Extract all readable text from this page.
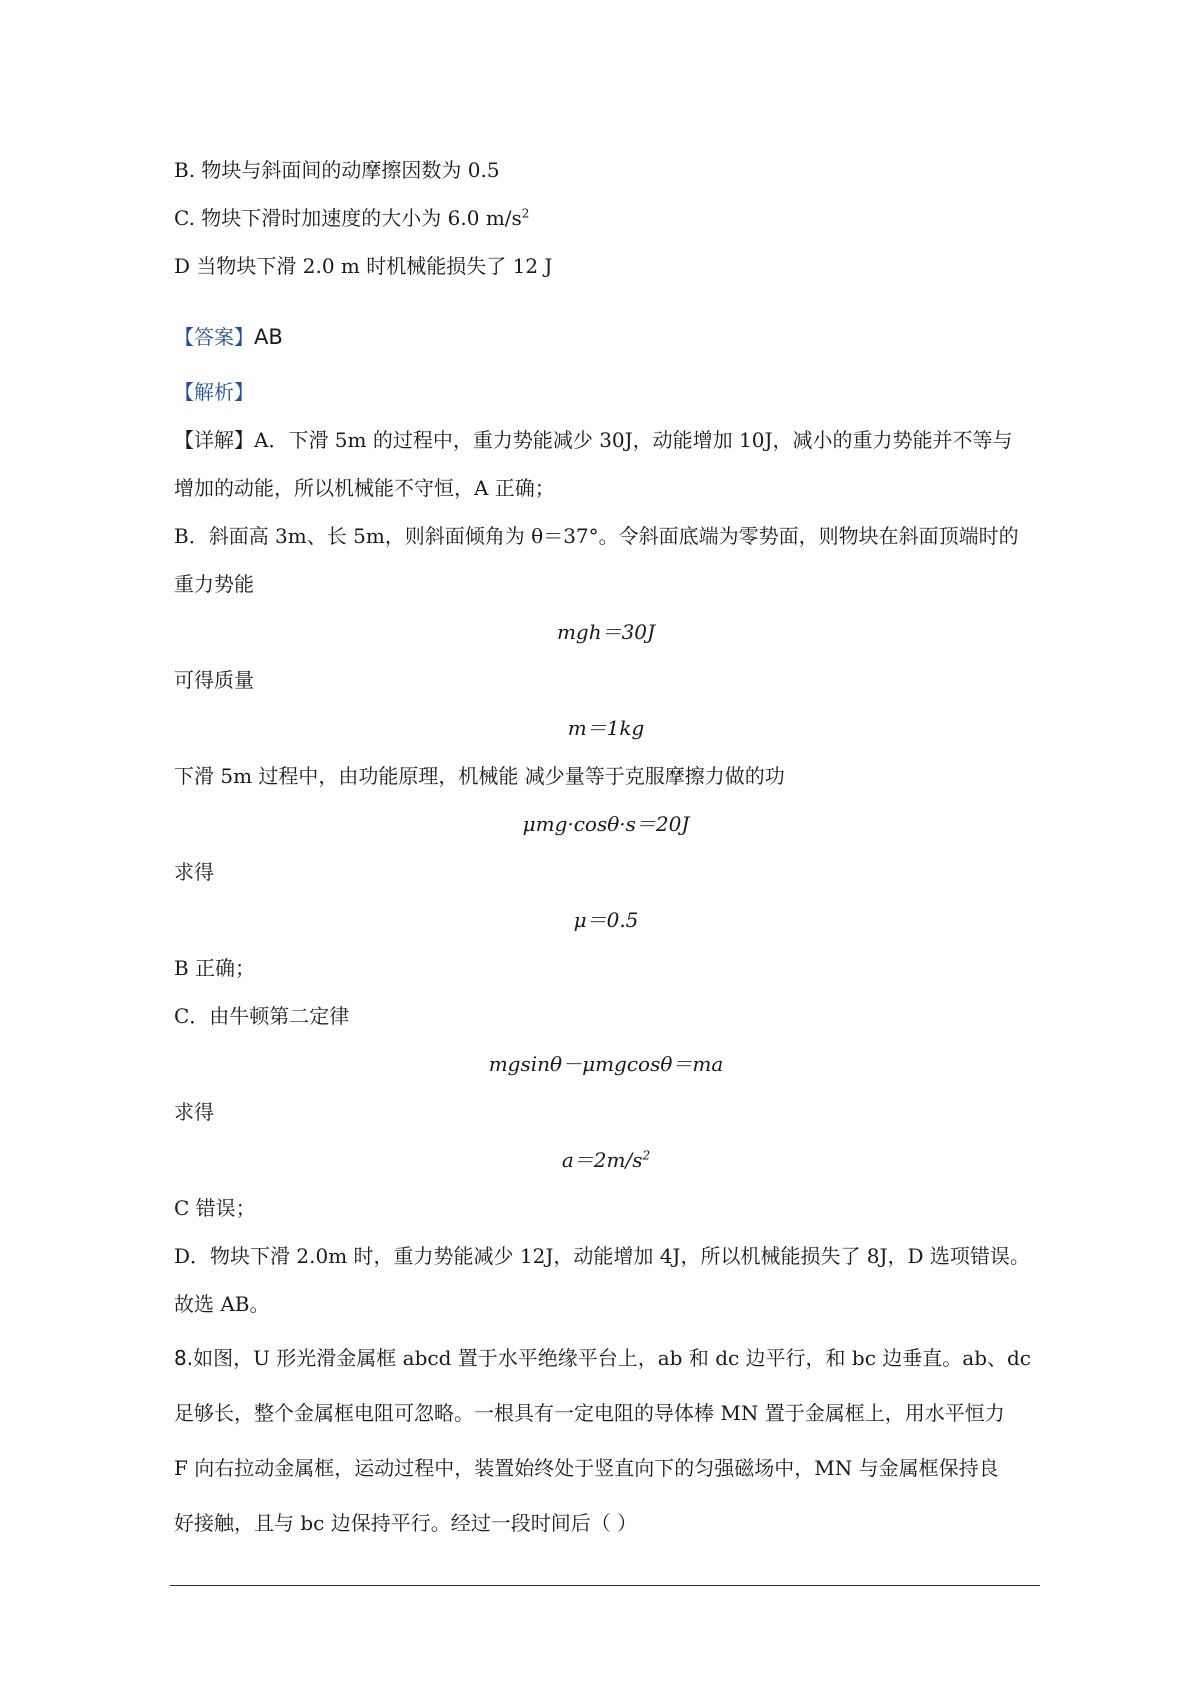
B. 物块与斜面间的动摩擦因数为 0.5
C. 物块下滑时加速度的大小为 6.0 $m/s^2$
D 当物块下滑 2.0 m 时机械能损失了 12 J
【答案】AB
【解析】
【详解】A．下滑 5m 的过程中，重力势能减少 30J，动能增加 10J，减小的重力势能并不等与
增加的动能，所以机械能不守恒，A 正确；
B．斜面高 3m、长 5m，则斜面倾角为 θ＝37°。令斜面底端为零势面，则物块在斜面顶端时的
重力势能
mgh＝30J
可得质量
m＝1kg
下滑 5m 过程中，由功能原理，机械能 减少量等于克服摩擦力做的功
μmg·cosθ·s＝20J
求得
μ＝0.5
B 正确；
C．由牛顿第二定律
mgsinθ－μmgcosθ＝ma
求得
$a=2m/s^2$
C 错误；
D．物块下滑 2.0m 时，重力势能减少 12J，动能增加 4J，所以机械能损失了 8J，D 选项错误。
故选 AB。
8.如图，U 形光滑金属框 abcd 置于水平绝缘平台上，ab 和 dc 边平行，和 bc 边垂直。ab、dc
足够长，整个金属框电阻可忽略。一根具有一定电阻的导体棒 MN 置于金属框上，用水平恒力
F 向右拉动金属框，运动过程中，装置始终处于竖直向下的匀强磁场中，MN 与金属框保持良
好接触，且与 bc 边保持平行。经过一段时间后（ ）
